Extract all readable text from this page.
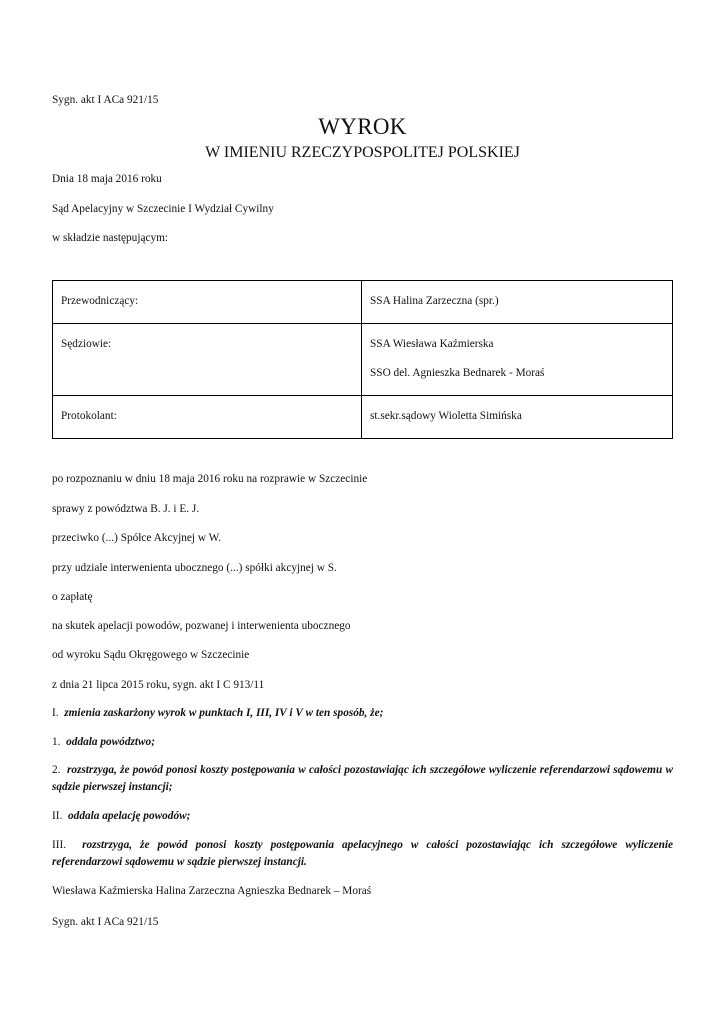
Sygn. akt I ACa 921/15
WYROK
W IMIENIU RZECZYPOSPOLITEJ POLSKIEJ
Dnia 18 maja 2016 roku
Sąd Apelacyjny w Szczecinie I Wydział Cywilny
w składzie następującym:
Przewodniczący:	SSA Halina Zarzeczna (spr.)

Sędziowie:	SSA Wiesława Kaźmierska
SSO del. Agnieszka Bednarek - Moraś

Protokolant:	st.sekr.sądowy Wioletta Simińska
po rozpoznaniu w dniu 18 maja 2016 roku na rozprawie w Szczecinie
sprawy z powództwa B. J. i E. J.
przeciwko (...) Spółce Akcyjnej w W.
przy udziale interwenienta ubocznego (...) spółki akcyjnej w S.
o zapłatę
na skutek apelacji powodów, pozwanej i interwenienta ubocznego
od wyroku Sądu Okręgowego w Szczecinie
z dnia 21 lipca 2015 roku, sygn. akt I C 913/11
I. zmienia zaskarżony wyrok w punktach I, III, IV i V w ten sposób, że;
1. oddala powództwo;
2. rozstrzyga, że powód ponosi koszty postępowania w całości pozostawiając ich szczegółowe wyliczenie referendarzowi sądowemu w sądzie pierwszej instancji;
II. oddala apelację powodów;
III. rozstrzyga, że powód ponosi koszty postępowania apelacyjnego w całości pozostawiając ich szczegółowe wyliczenie referendarzowi sądowemu w sądzie pierwszej instancji.
Wiesława Kaźmierska Halina Zarzeczna Agnieszka Bednarek – Moraś
Sygn. akt I ACa 921/15
